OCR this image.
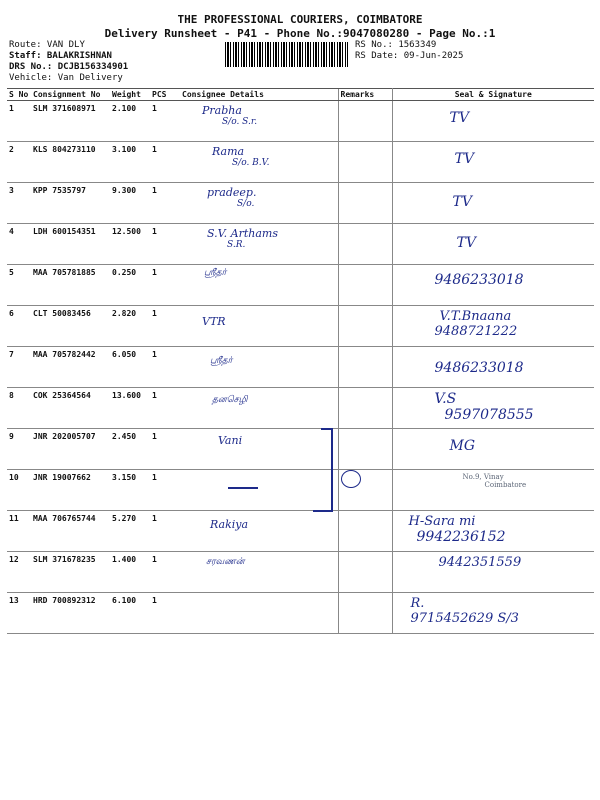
THE PROFESSIONAL COURIERS, COIMBATORE
Delivery Runsheet - P41 - Phone No.:9047080280 - Page No.:1
Route: VAN DLY
Staff: BALAKRISHNAN
DRS No.: DCJB156334901
Vehicle: Van Delivery
RS No.: 1563349
RS Date: 09-Jun-2025
S No	Consignment No	Weight	PCS	Consignee Details	Remarks	Seal & Signature
1	SLM 371608971	2.100	1	Prabha
S/o. S.r.		TV

2	KLS 804273110	3.100	1	Rama
S/o. B.V.		TV

3	KPP 7535797	9.300	1	pradeep.
S/o.		TV

4	LDH 600154351	12.500	1	S.V. Arthams
S.R.		TV

5	MAA 705781885	0.250	1	ஸ்ரீதர்		9486233018

6	CLT 50083456	2.820	1	VTR		V.T.Bnaana
9488721222

7	MAA 705782442	6.050	1	ஸ்ரீதர்		9486233018

8	COK 25364564	13.600	1	தனசெழி		V.S
9597078555

9	JNR 202005707	2.450	1	Vani		MG

10	JNR 19007662	3.150	1			No.9, Vinay
Coimbatore

11	MAA 706765744	5.270	1	Rakiya		H-Sara mi
9942236152

12	SLM 371678235	1.400	1	சரவணன்		9442351559

13	HRD 700892312	6.100	1			R.
9715452629 S/3
